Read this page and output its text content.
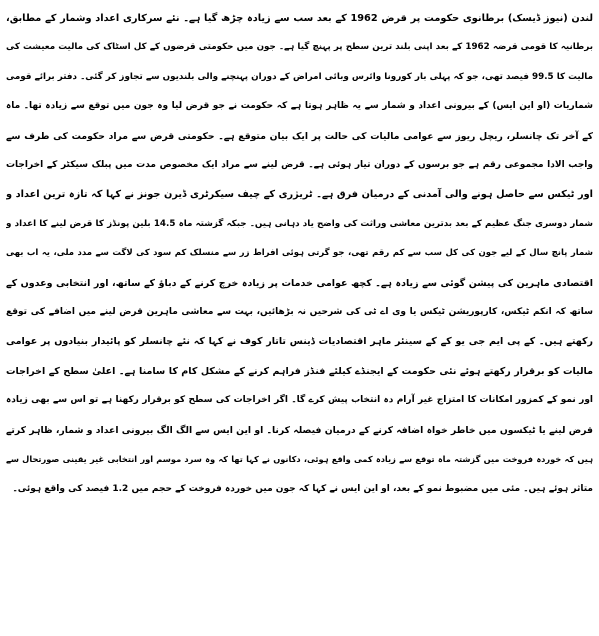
لندن (نیوز ڈیسک) برطانوی حکومت پر قرض 1962 کے بعد سب سے زیادہ چڑھ گیا ہے۔ نئے سرکاری اعداد وشمار کے مطابق،
برطانیہ کا قومی قرضہ 1962 کے بعد اپنی بلند ترین سطح پر پہنچ گیا ہے۔ جون میں حکومتی قرضوں کے کل اسٹاک کی مالیت معیشت کی
مالیت کا 99.5 فیصد تھی، جو کہ پہلی بار کورونا وائرس وبائی امراض کے دوران پہنچنے والی بلندیوں سے تجاوز کر گئی۔ دفتر برائے قومی
شماریات (او این ایس) کے بیرونی اعداد و شمار سے یہ ظاہر ہوتا ہے کہ حکومت نے جو قرض لیا وہ جون میں توقع سے زیادہ تھا۔ ماہ
کے آخر تک چانسلر، ریچل ریوز سے عوامی مالیات کی حالت پر ایک بیان متوقع ہے۔ حکومتی قرض سے مراد حکومت کی طرف سے
واجب الادا مجموعی رقم ہے جو برسوں کے دوران تیار ہوئی ہے۔ قرض لینے سے مراد ایک مخصوص مدت میں پبلک سیکٹر کے اخراجات
اور ٹیکس سے حاصل ہونے والی آمدنی کے درمیان فرق ہے۔ ٹریژری کے چیف سیکرٹری ڈیرن جونز نے کہا کہ تازہ ترین اعداد و
شمار دوسری جنگ عظیم کے بعد بدترین معاشی وراثت کی واضح یاد دہانی ہیں۔ جبکہ گزشتہ ماہ 14.5 بلین پونڈز کا قرض لینے کا اعداد و
شمار پانچ سال کے لیے جون کی کل سب سے کم رقم تھی، جو گرتی ہوئی افراط زر سے منسلک کم سود کی لاگت سے مدد ملی، یہ اب بھی
اقتصادی ماہرین کی پیشن گوئی سے زیادہ ہے۔ کچھ عوامی خدمات پر زیادہ خرچ کرنے کے دباؤ کے ساتھ، اور انتخابی وعدوں کے
ساتھ کہ انکم ٹیکس، کارپوریشن ٹیکس یا وی اے ٹی کی شرحیں نہ بڑھائیں، بہت سے معاشی ماہرین قرض لینے میں اضافے کی توقع
رکھتے ہیں۔ کے پی ایم جی یو کے کے سینئر ماہر اقتصادیات ڈینس تاتار کوف نے کہا کہ نئے چانسلر کو پائیدار بنیادوں پر عوامی
مالیات کو برقرار رکھتے ہوئے نئی حکومت کے ایجنڈے کیلئے فنڈز فراہم کرنے کے مشکل کام کا سامنا ہے۔ اعلیٰ سطح کے اخراجات
اور نمو کے کمزور امکانات کا امتزاج غیر آرام دہ انتخاب پیش کرے گا۔ اگر اخراجات کی سطح کو برقرار رکھنا ہے تو اس سے بھی زیادہ
قرض لینے یا ٹیکسوں میں خاطر خواہ اضافہ کرنے کے درمیان فیصلہ کرنا۔ او این ایس سے الگ الگ بیرونی اعداد و شمار، ظاہر کرتے
ہیں کہ خوردہ فروخت میں گزشتہ ماہ توقع سے زیادہ کمی واقع ہوئی، دکانوں نے کہا تھا کہ وہ سرد موسم اور انتخابی غیر یقینی صورتحال سے
متاثر ہوئے ہیں۔ مئی میں مضبوط نمو کے بعد، او این ایس نے کہا کہ جون میں خوردہ فروخت کے حجم میں 1.2 فیصد کی واقع ہوئی۔
